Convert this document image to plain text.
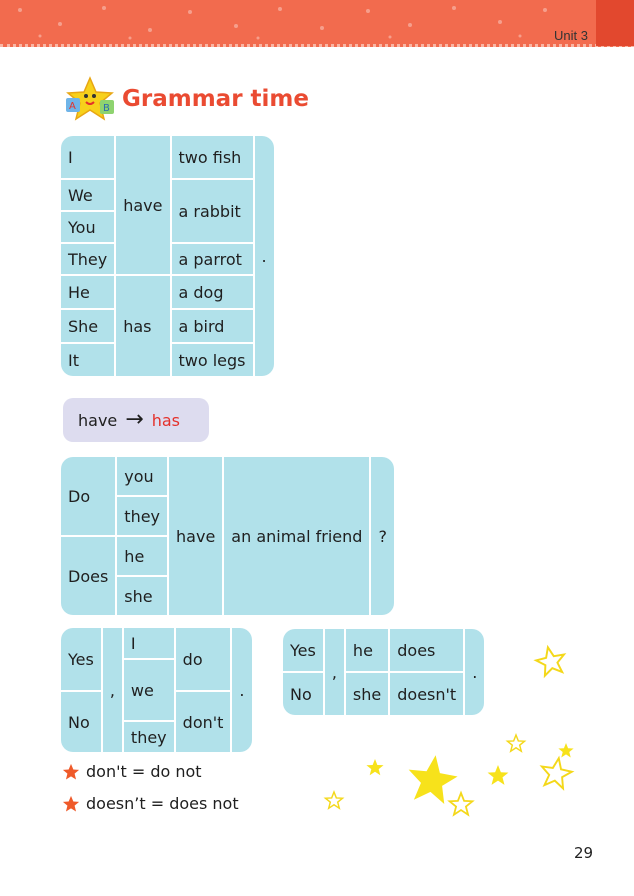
Unit 3
A	B Grammar time
I	have	two fish	.
We		a rabbit	
You			
They		a parrot	
He	has	a dog	
She		a bird	
It		two legs	
have → has
Do	you	have	an animal friend	?
	they			
Does	he			
	she			
Yes	,	I	do	.
		we		
No			don't	
		they		
Yes	,	he	does	.
No		she	doesn't	
don't = do not
doesn’t = does not
29
